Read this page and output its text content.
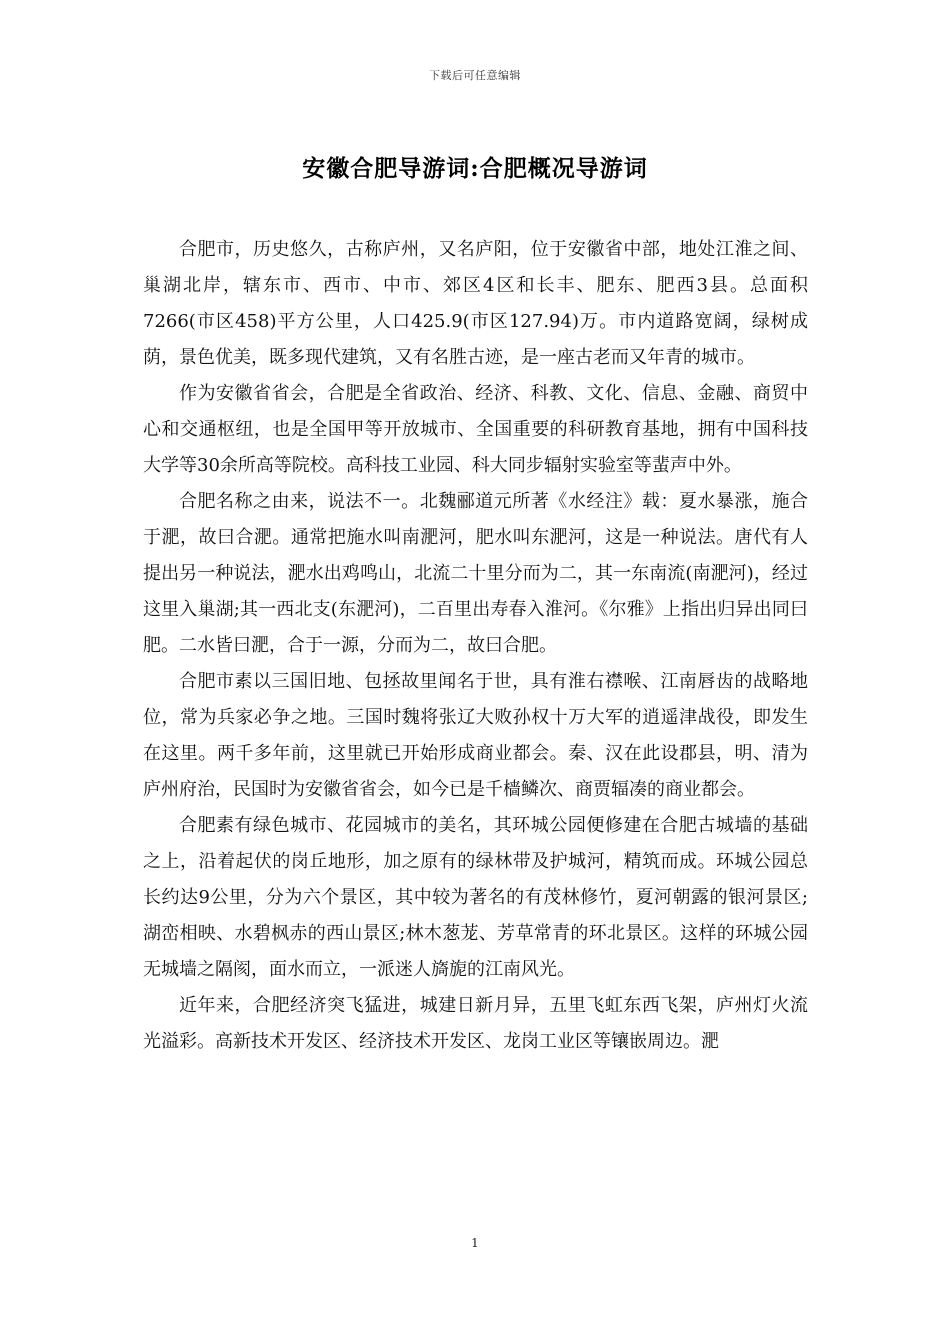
下载后可任意编辑
安徽合肥导游词:合肥概况导游词

合肥市，历史悠久，古称庐州，又名庐阳，位于安徽省中部，地处江淮之间、巢湖北岸，辖东市、西市、中市、郊区4区和长丰、肥东、肥西3县。总面积7266(市区458)平方公里，人口425.9(市区127.94)万。市内道路宽阔，绿树成荫，景色优美，既多现代建筑，又有名胜古迹，是一座古老而又年青的城市。

作为安徽省省会，合肥是全省政治、经济、科教、文化、信息、金融、商贸中心和交通枢纽，也是全国甲等开放城市、全国重要的科研教育基地，拥有中国科技大学等30余所高等院校。高科技工业园、科大同步辐射实验室等蜚声中外。

合肥名称之由来，说法不一。北魏郦道元所著《水经注》载：夏水暴涨，施合于淝，故曰合淝。通常把施水叫南淝河，肥水叫东淝河，这是一种说法。唐代有人提出另一种说法，淝水出鸡鸣山，北流二十里分而为二，其一东南流(南淝河)，经过这里入巢湖;其一西北支(东淝河)，二百里出寿春入淮河。《尔雅》上指出归异出同曰肥。二水皆曰淝，合于一源，分而为二，故曰合肥。

合肥市素以三国旧地、包拯故里闻名于世，具有淮右襟喉、江南唇齿的战略地位，常为兵家必争之地。三国时魏将张辽大败孙权十万大军的逍遥津战役，即发生在这里。两千多年前，这里就已开始形成商业都会。秦、汉在此设郡县，明、清为庐州府治，民国时为安徽省省会，如今已是千樯鳞次、商贾辐凑的商业都会。

合肥素有绿色城市、花园城市的美名，其环城公园便修建在合肥古城墙的基础之上，沿着起伏的岗丘地形，加之原有的绿林带及护城河，精筑而成。环城公园总长约达9公里，分为六个景区，其中较为著名的有茂林修竹，夏河朝露的银河景区;湖峦相映、水碧枫赤的西山景区;林木葱茏、芳草常青的环北景区。这样的环城公园无城墙之隔阂，面水而立，一派迷人旖旎的江南风光。

近年来，合肥经济突飞猛进，城建日新月异，五里飞虹东西飞架，庐州灯火流光溢彩。高新技术开发区、经济技术开发区、龙岗工业区等镶嵌周边。淝

1
